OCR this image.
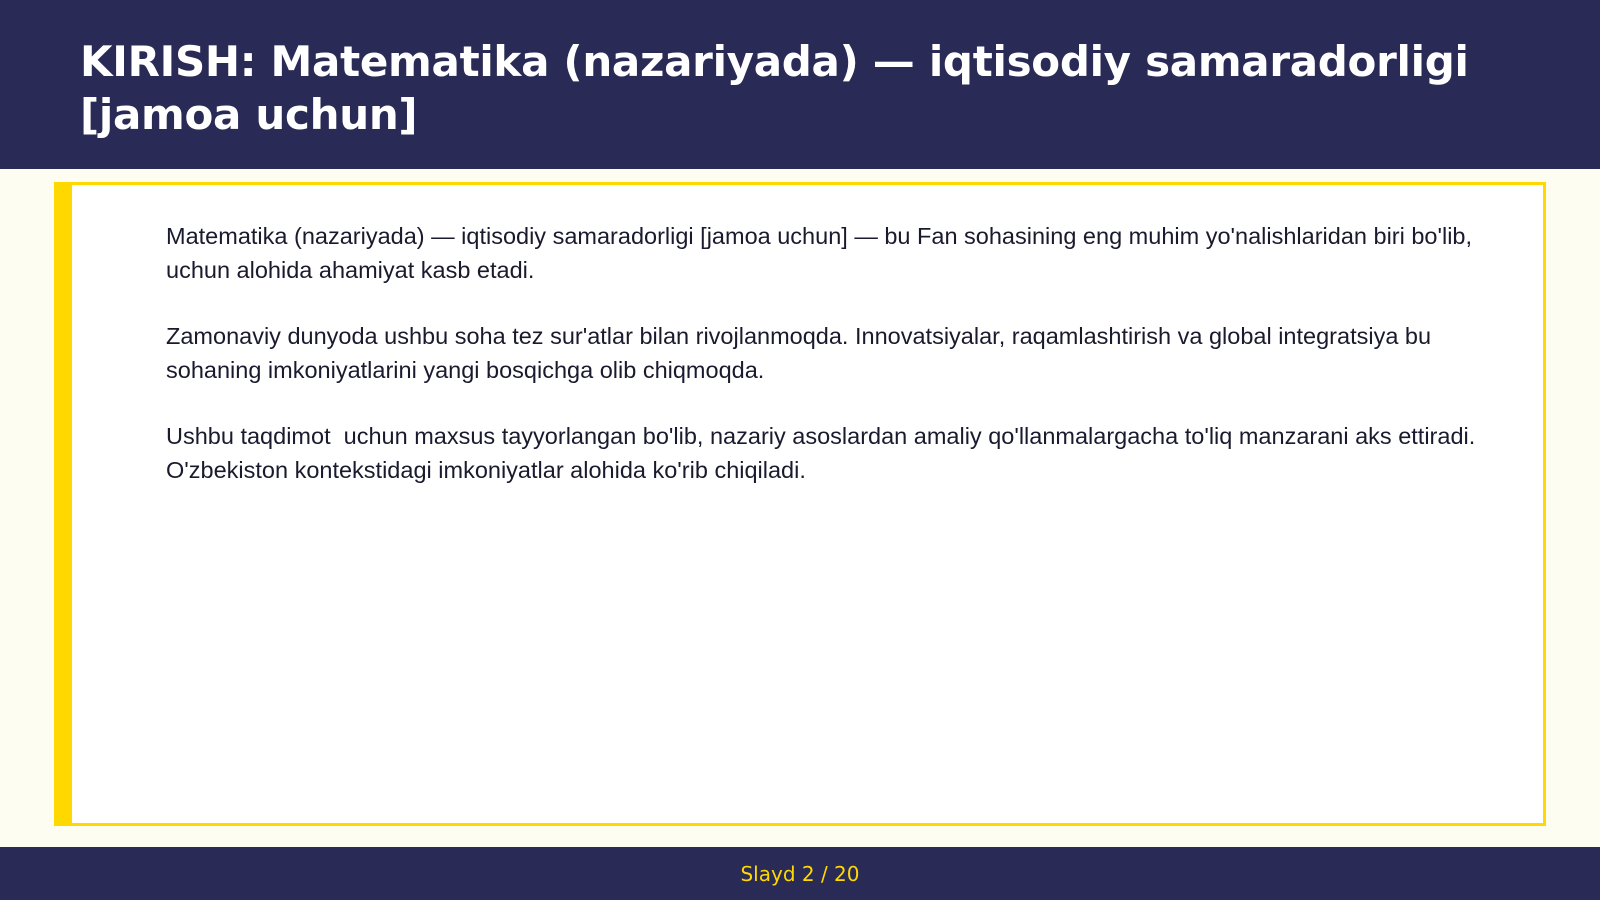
KIRISH: Matematika (nazariyada) — iqtisodiy samaradorligi [jamoa uchun]

Matematika (nazariyada) — iqtisodiy samaradorligi [jamoa uchun] — bu Fan sohasining eng muhim yo'nalishlaridan biri bo'lib,  uchun alohida ahamiyat kasb etadi.

Zamonaviy dunyoda ushbu soha tez sur'atlar bilan rivojlanmoqda. Innovatsiyalar, raqamlashtirish va global integratsiya bu sohaning imkoniyatlarini yangi bosqichga olib chiqmoqda.

Ushbu taqdimot  uchun maxsus tayyorlangan bo'lib, nazariy asoslardan amaliy qo'llanmalargacha to'liq manzarani aks ettiradi. O'zbekiston kontekstidagi imkoniyatlar alohida ko'rib chiqiladi.

Slayd 2 / 20
